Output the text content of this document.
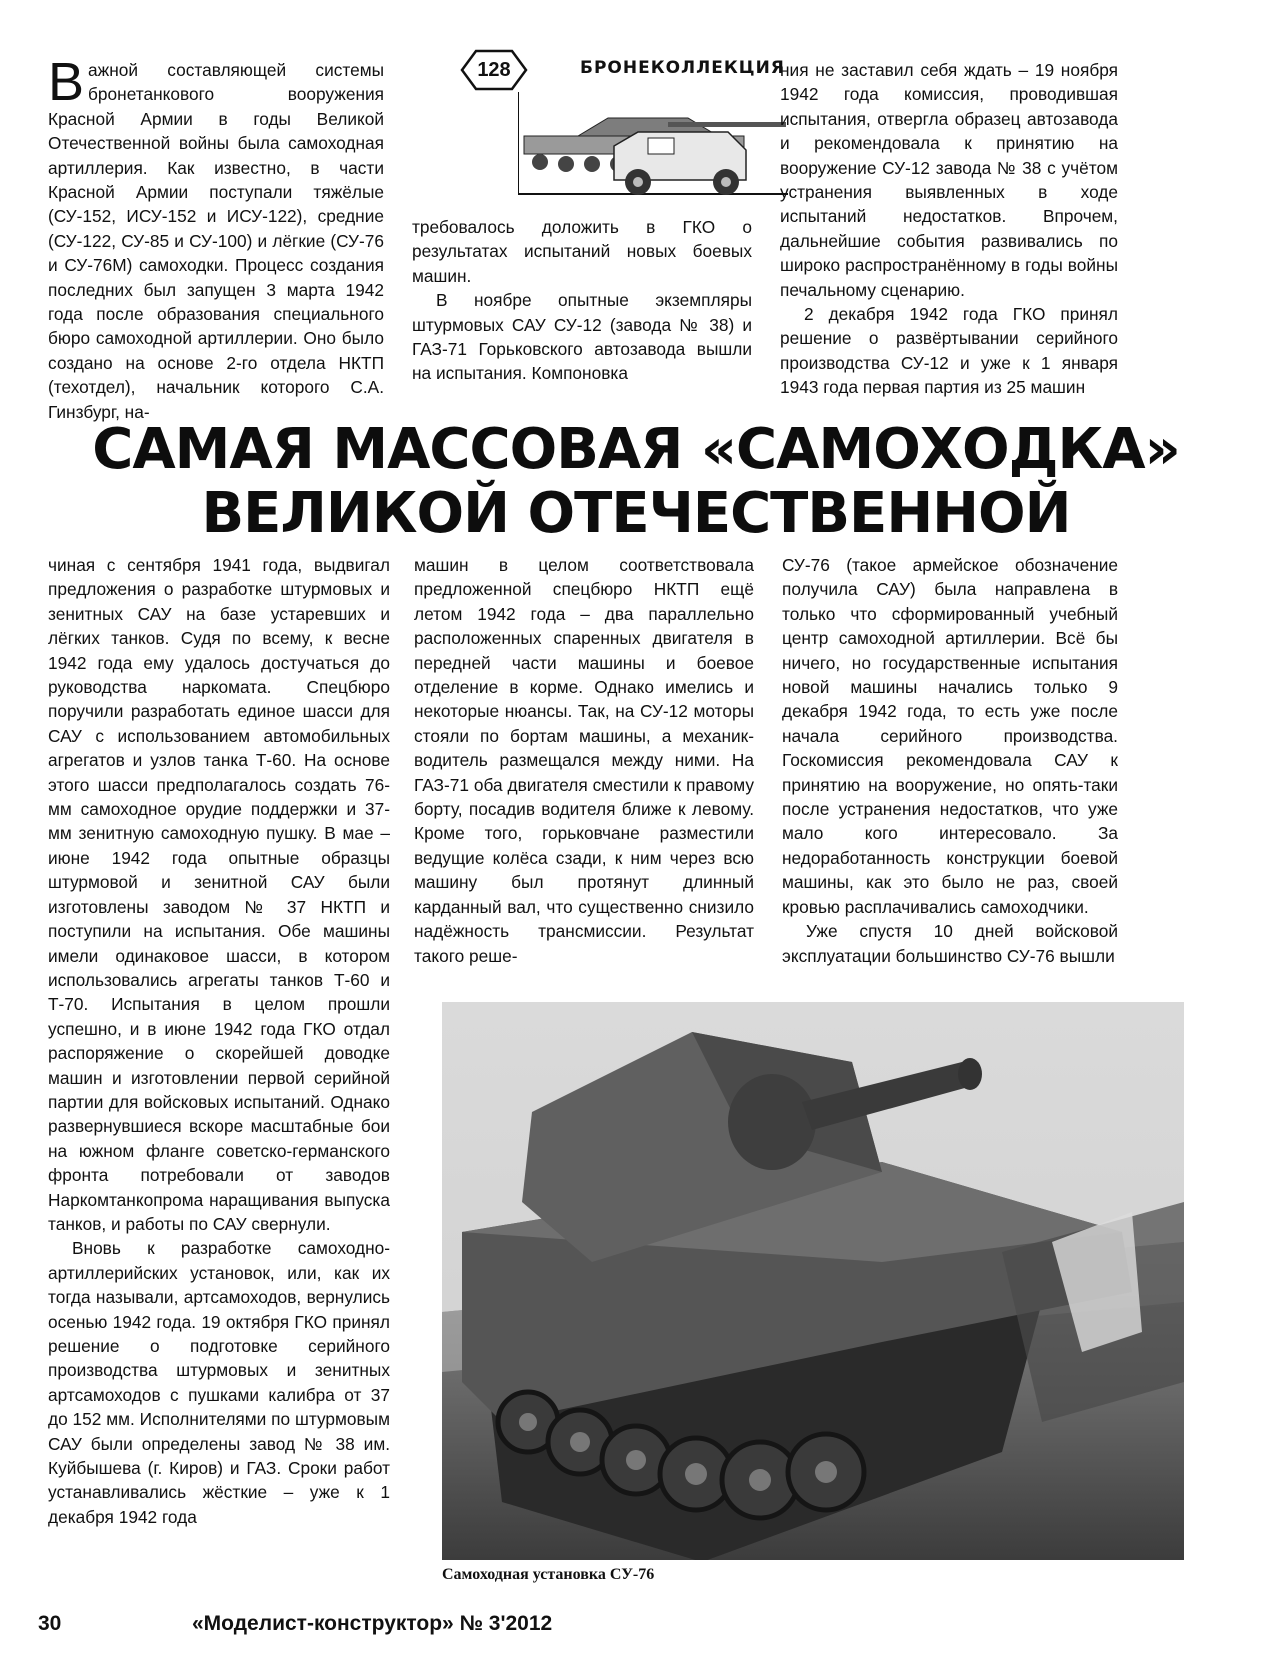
128	БРОНЕКОЛЛЕКЦИЯ

Важной составляющей системы бронетанкового вооружения Красной Армии в годы Великой Отечественной войны была самоходная артиллерия. Как известно, в части Красной Армии поступали тяжёлые (СУ-152, ИСУ-152 и ИСУ-122), средние (СУ-122, СУ-85 и СУ-100) и лёгкие (СУ-76 и СУ-76М) самоходки. Процесс создания последних был запущен 3 марта 1942 года после образования специального бюро самоходной артиллерии. Оно было создано на основе 2-го отдела НКТП (техотдел), начальник которого С.А. Гинзбург, на-

требовалось доложить в ГКО о результатах испытаний новых боевых машин.

В ноябре опытные экземпляры штурмовых САУ СУ-12 (завода № 38) и ГАЗ-71 Горьковского автозавода вышли на испытания. Компоновка

ния не заставил себя ждать – 19 ноября 1942 года комиссия, проводившая испытания, отвергла образец автозавода и рекомендовала к принятию на вооружение СУ-12 завода № 38 с учётом устранения выявленных в ходе испытаний недостатков. Впрочем, дальнейшие события развивались по широко распространённому в годы войны печальному сценарию.

2 декабря 1942 года ГКО принял решение о развёртывании серийного производства СУ-12 и уже к 1 января 1943 года первая партия из 25 машин

САМАЯ МАССОВАЯ «САМОХОДКА»
ВЕЛИКОЙ ОТЕЧЕСТВЕННОЙ

чиная с сентября 1941 года, выдвигал предложения о разработке штурмовых и зенитных САУ на базе устаревших и лёгких танков. Судя по всему, к весне 1942 года ему удалось достучаться до руководства наркомата. Спецбюро поручили разработать единое шасси для САУ с использованием автомобильных агрегатов и узлов танка Т-60. На основе этого шасси предполагалось создать 76-мм самоходное орудие поддержки и 37-мм зенитную самоходную пушку. В мае – июне 1942 года опытные образцы штурмовой и зенитной САУ были изготовлены заводом № 37 НКТП и поступили на испытания. Обе машины имели одинаковое шасси, в котором использовались агрегаты танков Т-60 и Т-70. Испытания в целом прошли успешно, и в июне 1942 года ГКО отдал распоряжение о скорейшей доводке машин и изготовлении первой серийной партии для войсковых испытаний. Однако развернувшиеся вскоре масштабные бои на южном фланге советско-германского фронта потребовали от заводов Наркомтанкопрома наращивания выпуска танков, и работы по САУ свернули.

Вновь к разработке самоходно-артиллерийских установок, или, как их тогда называли, артсамоходов, вернулись осенью 1942 года. 19 октября ГКО принял решение о подготовке серийного производства штурмовых и зенитных артсамоходов с пушками калибра от 37 до 152 мм. Исполнителями по штурмовым САУ были определены завод № 38 им. Куйбышева (г. Киров) и ГАЗ. Сроки работ устанавливались жёсткие – уже к 1 декабря 1942 года

машин в целом соответствовала предложенной спецбюро НКТП ещё летом 1942 года – два параллельно расположенных спаренных двигателя в передней части машины и боевое отделение в корме. Однако имелись и некоторые нюансы. Так, на СУ-12 моторы стояли по бортам машины, а механик-водитель размещался между ними. На ГАЗ-71 оба двигателя сместили к правому борту, посадив водителя ближе к левому. Кроме того, горьковчане разместили ведущие колёса сзади, к ним через всю машину был протянут длинный карданный вал, что существенно снизило надёжность трансмиссии. Результат такого реше-

СУ-76 (такое армейское обозначение получила САУ) была направлена в только что сформированный учебный центр самоходной артиллерии. Всё бы ничего, но государственные испытания новой машины начались только 9 декабря 1942 года, то есть уже после начала серийного производства. Госкомиссия рекомендовала САУ к принятию на вооружение, но опять-таки после устранения недостатков, что уже мало кого интересовало. За недоработанность конструкции боевой машины, как это было не раз, своей кровью расплачивались самоходчики.

Уже спустя 10 дней войсковой эксплуатации большинство СУ-76 вышли

Самоходная установка СУ-76
30	«Моделист-конструктор» № 3'2012
